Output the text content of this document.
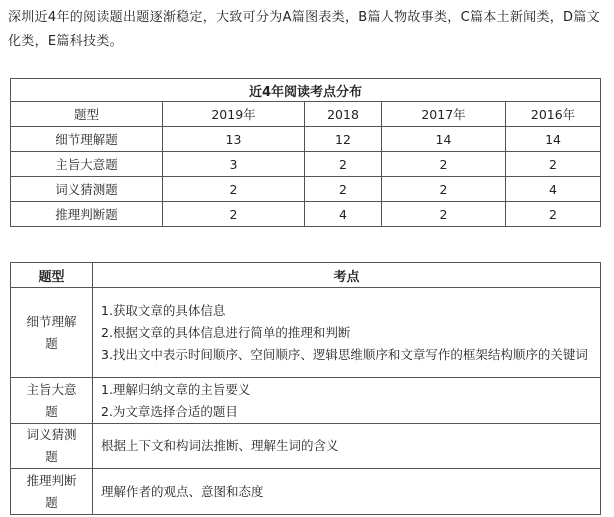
深圳近4年的阅读题出题逐渐稳定，大致可分为A篇图表类，B篇人物故事类，C篇本土新闻类，D篇文化类，E篇科技类。
近4年阅读考点分布				
题型	2019年	2018	2017年	2016年
细节理解题	13	12	14	14
主旨大意题	3	2	2	2
词义猜测题	2	2	2	4
推理判断题	2	4	2	2
题型	考点
细节理解题	1.获取文章的具体信息
2.根据文章的具体信息进行简单的推理和判断
3.找出文中表示时间顺序、空间顺序、逻辑思维顺序和文章写作的框架结构顺序的关键词

主旨大意题	1.理解归纳文章的主旨要义
2.为文章选择合适的题目

词义猜测题	根据上下文和构词法推断、理解生词的含义

推理判断题	理解作者的观点、意图和态度
